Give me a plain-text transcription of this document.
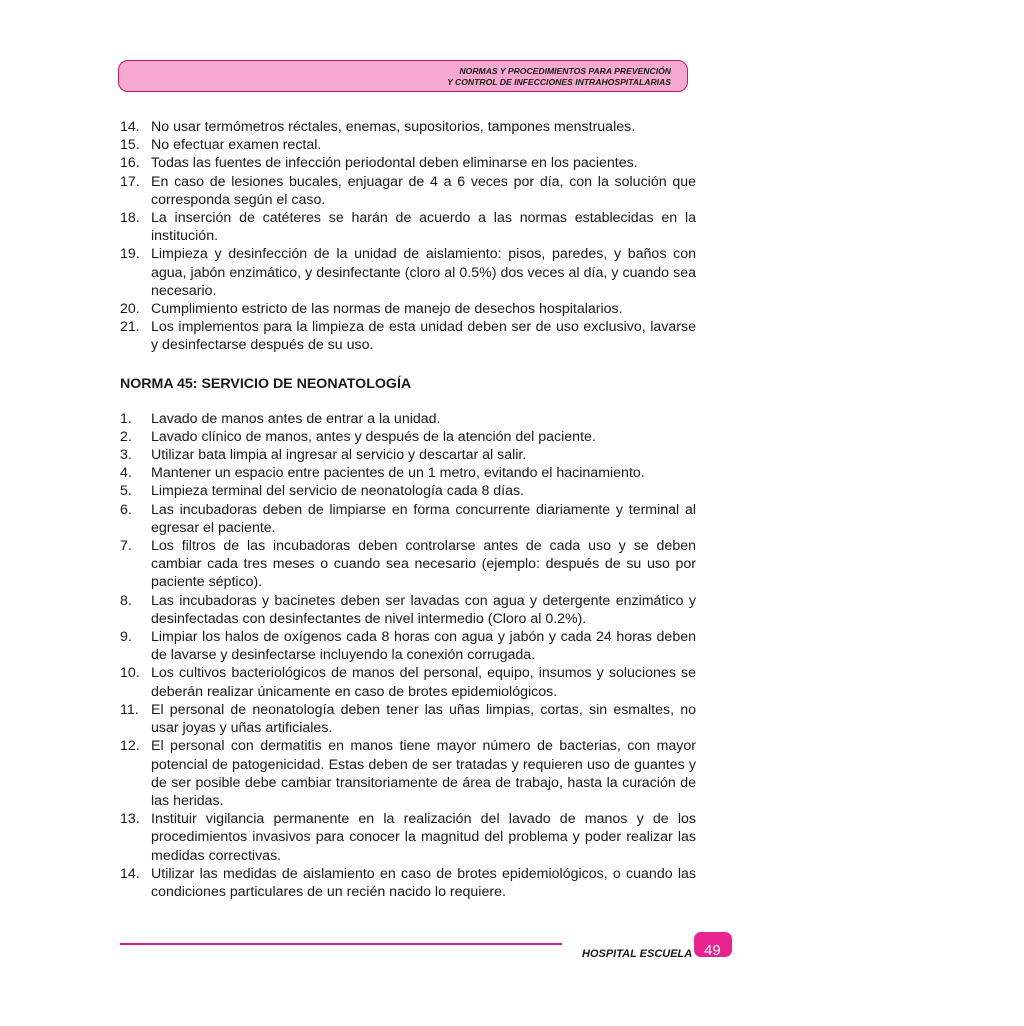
NORMAS Y PROCEDIMIENTOS PARA PREVENCIÓN
Y CONTROL DE INFECCIONES INTRAHOSPITALARIAS
14. No usar termómetros réctales, enemas, supositorios, tampones menstruales.
15. No efectuar examen rectal.
16. Todas las fuentes de infección periodontal deben eliminarse en los pacientes.
17. En caso de lesiones bucales, enjuagar de 4 a 6 veces por día, con la solución que corresponda según el caso.
18. La inserción de catéteres se harán de acuerdo a las normas establecidas en la institución.
19. Limpieza y desinfección de la unidad de aislamiento: pisos, paredes, y baños con agua, jabón enzimático, y desinfectante (cloro al 0.5%) dos veces al día, y cuando sea necesario.
20. Cumplimiento estricto de las normas de manejo de desechos hospitalarios.
21. Los implementos para la limpieza de esta unidad deben ser de uso exclusivo, lavarse y desinfectarse después de su uso.
NORMA 45: SERVICIO DE NEONATOLOGÍA
1. Lavado de manos antes de entrar a la unidad.
2. Lavado clínico de manos, antes y después de la atención del paciente.
3. Utilizar bata limpia al ingresar al servicio y descartar al salir.
4. Mantener un espacio entre pacientes de un 1 metro, evitando el hacinamiento.
5. Limpieza terminal del servicio de neonatología cada 8 días.
6. Las incubadoras deben de limpiarse en forma concurrente diariamente y terminal al egresar el paciente.
7. Los filtros de las incubadoras deben controlarse antes de cada uso y se deben cambiar cada tres meses o cuando sea necesario (ejemplo: después de su uso por paciente séptico).
8. Las incubadoras y bacinetes deben ser lavadas con agua y detergente enzimático y desinfectadas con desinfectantes de nivel intermedio (Cloro al 0.2%).
9. Limpiar los halos de oxígenos cada 8 horas con agua y jabón y cada 24 horas deben de lavarse y desinfectarse incluyendo la conexión corrugada.
10. Los cultivos bacteriológicos de manos del personal, equipo, insumos y soluciones se deberán realizar únicamente en caso de brotes epidemiológicos.
11. El personal de neonatología deben tener las uñas limpias, cortas, sin esmaltes, no usar joyas y uñas artificiales.
12. El personal con dermatitis en manos tiene mayor número de bacterias, con mayor potencial de patogenicidad. Estas deben de ser tratadas y requieren uso de guantes y de ser posible debe cambiar transitoriamente de área de trabajo, hasta la curación de las heridas.
13. Instituir vigilancia permanente en la realización del lavado de manos y de los procedimientos invasivos para conocer la magnitud del problema y poder realizar las medidas correctivas.
14. Utilizar las medidas de aislamiento en caso de brotes epidemiológicos, o cuando las condiciones particulares de un recién nacido lo requiere.
HOSPITAL ESCUELA 49
